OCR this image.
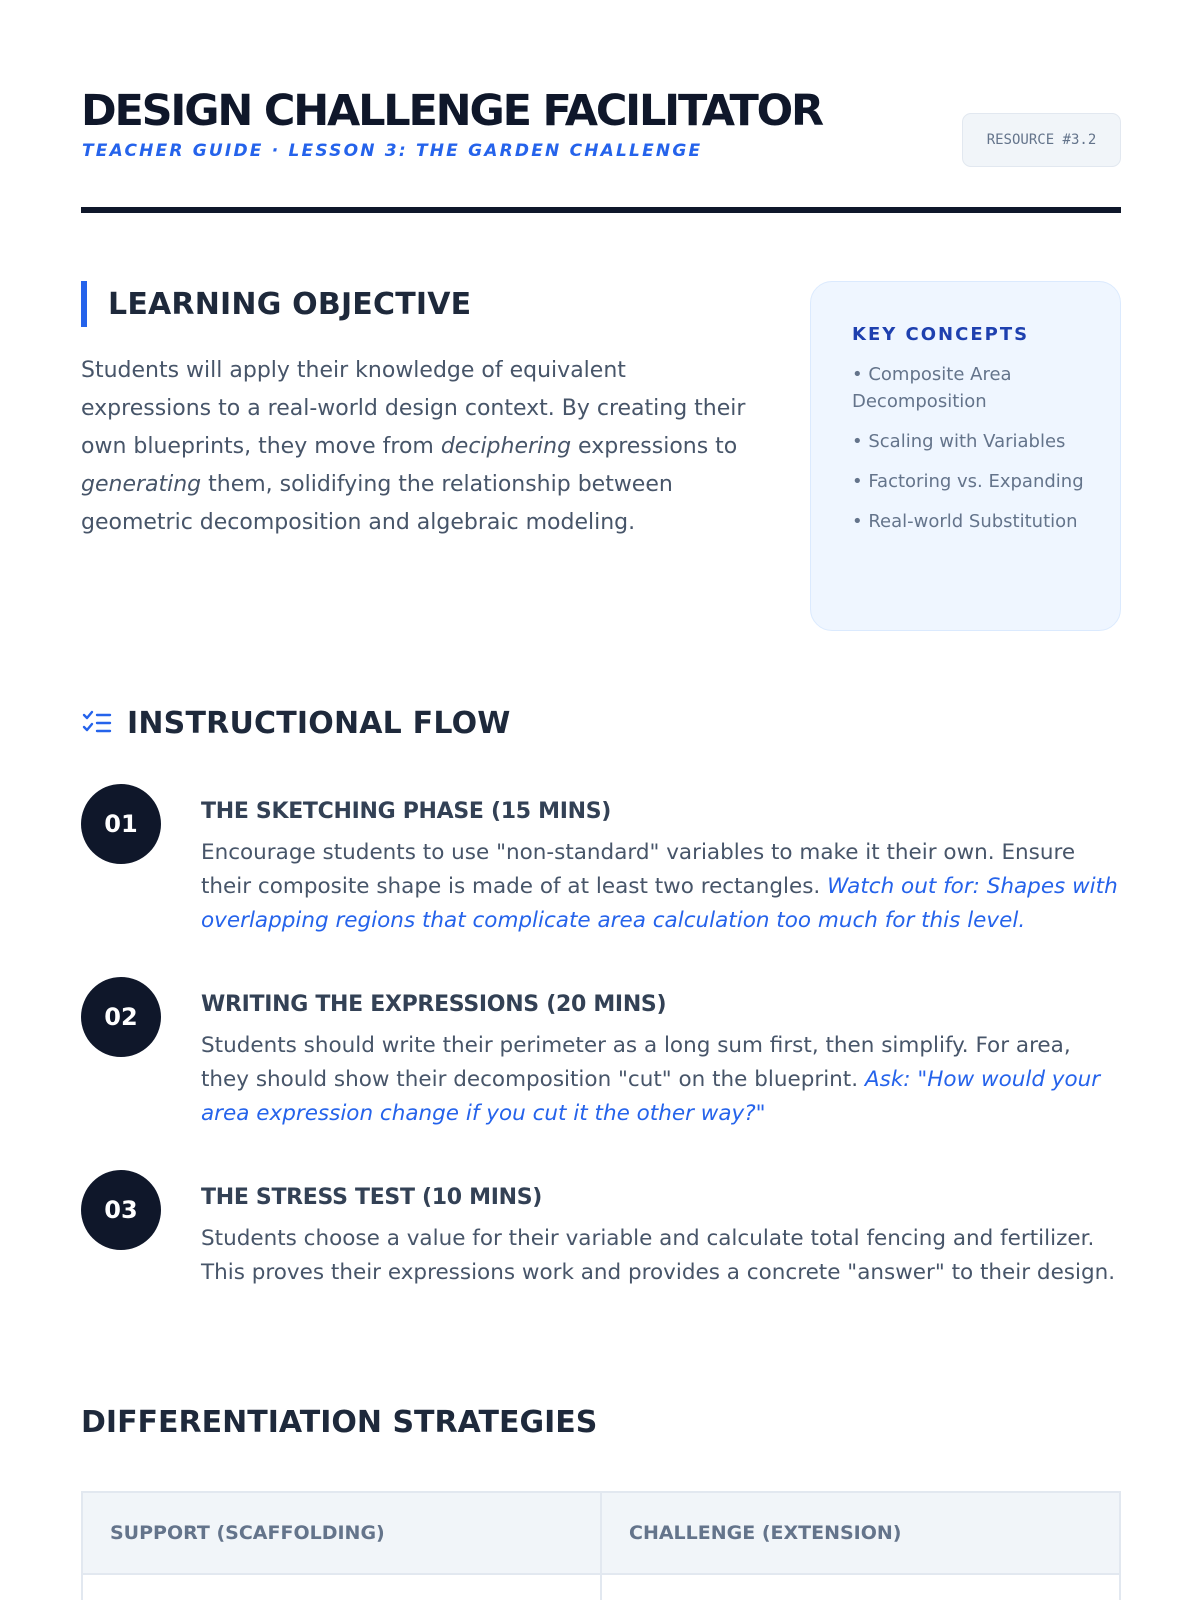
DESIGN CHALLENGE FACILITATOR
TEACHER GUIDE · LESSON 3: THE GARDEN CHALLENGE
RESOURCE #3.2
LEARNING OBJECTIVE

Students will apply their knowledge of equivalent expressions to a real-world design context. By creating their own blueprints, they move from deciphering expressions to generating them, solidifying the relationship between geometric decomposition and algebraic modeling.

KEY CONCEPTS
• Composite Area Decomposition
• Scaling with Variables
• Factoring vs. Expanding
• Real-world Substitution
INSTRUCTIONAL FLOW
01	THE SKETCHING PHASE (15 MINS)

Encourage students to use "non-standard" variables to make it their own. Ensure their composite shape is made of at least two rectangles. Watch out for: Shapes with overlapping regions that complicate area calculation too much for this level.

02	WRITING THE EXPRESSIONS (20 MINS)

Students should write their perimeter as a long sum first, then simplify. For area, they should show their decomposition "cut" on the blueprint. Ask: "How would your area expression change if you cut it the other way?"

03	THE STRESS TEST (10 MINS)

Students choose a value for their variable and calculate total fencing and fertilizer. This proves their expressions work and provides a concrete "answer" to their design.

DIFFERENTIATION STRATEGIES
SUPPORT (SCAFFOLDING)	CHALLENGE (EXTENSION)
